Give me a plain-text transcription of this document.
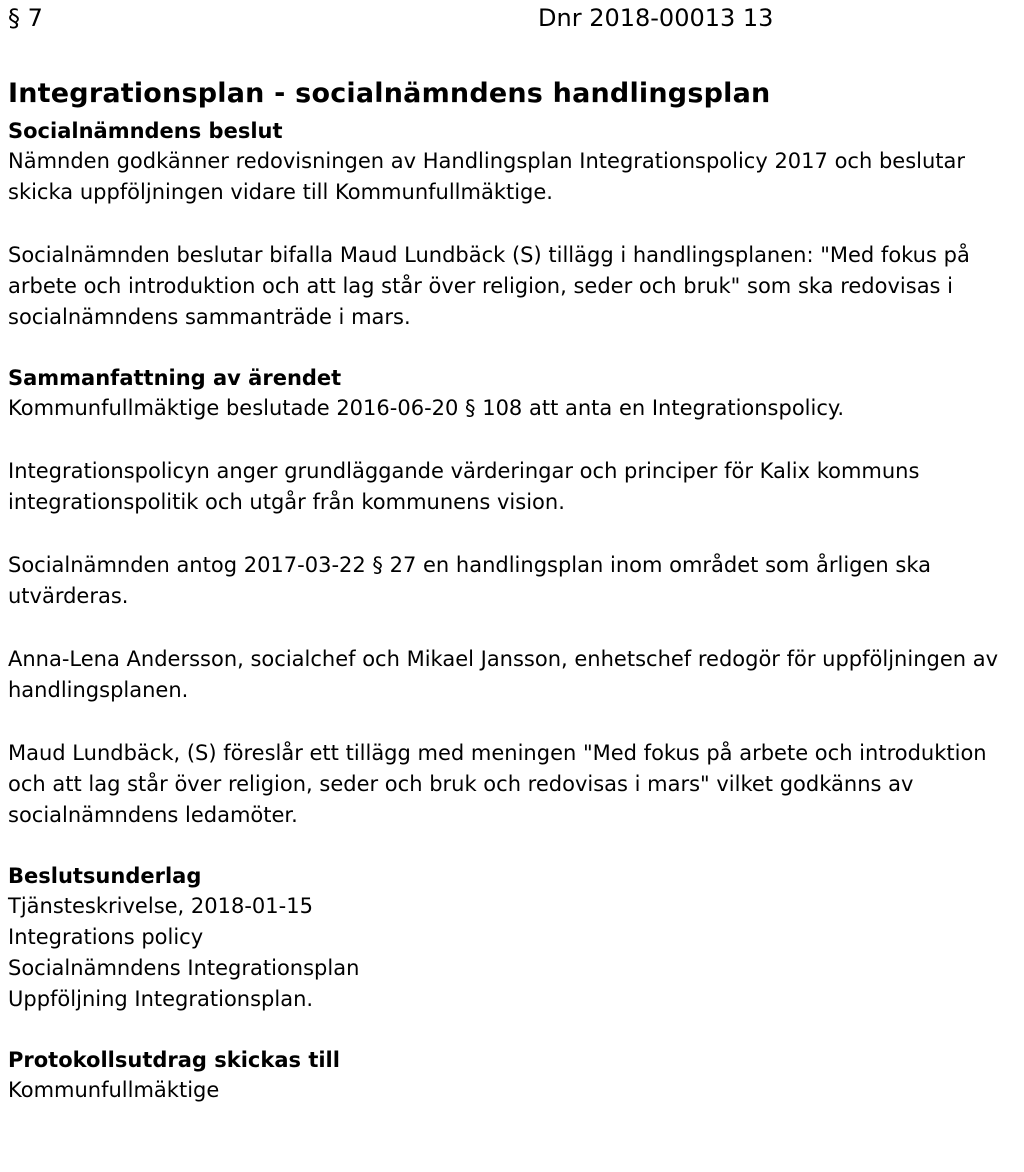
§ 7	Dnr 2018-00013 13
Integrationsplan - socialnämndens handlingsplan
Socialnämndens beslut

Nämnden godkänner redovisningen av Handlingsplan Integrationspolicy 2017 och beslutar skicka uppföljningen vidare till Kommunfullmäktige.

Socialnämnden beslutar bifalla Maud Lundbäck (S) tillägg i handlingsplanen: "Med fokus på arbete och introduktion och att lag står över religion, seder och bruk" som ska redovisas i socialnämndens sammanträde i mars.

Sammanfattning av ärendet

Kommunfullmäktige beslutade 2016-06-20 § 108 att anta en Integrationspolicy.

Integrationspolicyn anger grundläggande värderingar och principer för Kalix kommuns integrationspolitik och utgår från kommunens vision.

Socialnämnden antog 2017-03-22 § 27 en handlingsplan inom området som årligen ska utvärderas.

Anna-Lena Andersson, socialchef och Mikael Jansson, enhetschef redogör för uppföljningen av handlingsplanen.

Maud Lundbäck, (S) föreslår ett tillägg med meningen "Med fokus på arbete och introduktion och att lag står över religion, seder och bruk och redovisas i mars" vilket godkänns av socialnämndens ledamöter.

Beslutsunderlag
Tjänsteskrivelse, 2018-01-15
Integrations policy
Socialnämndens Integrationsplan
Uppföljning Integrationsplan.
Protokollsutdrag skickas till
Kommunfullmäktige
